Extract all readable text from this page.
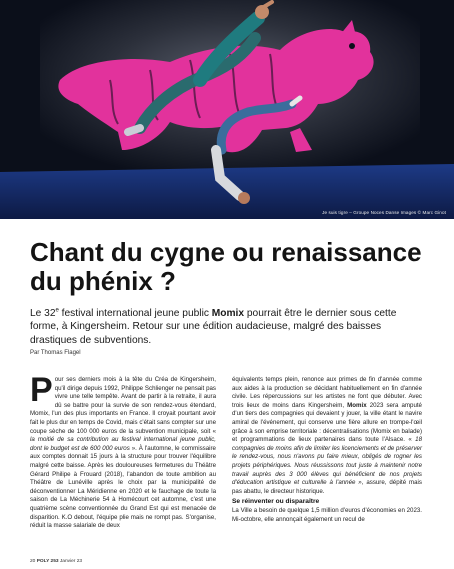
Je suis tigre – Groupe Noces Danse Images © Marc Ginot
Chant du cygne ou renaissance du phénix ?

Le 32e festival international jeune public Momix pourrait être le dernier sous cette forme, à Kingersheim. Retour sur une édition audacieuse, malgré des baisses drastiques de subventions.

Par Thomas Flagel

Pour ses derniers mois à la tête du Créa de Kingersheim, qu'il dirige depuis 1992, Philippe Schlienger ne pensait pas vivre une telle tempête. Avant de partir à la retraite, il aura dû se battre pour la survie de son rendez-vous étendard, Momix, l'un des plus importants en France. Il croyait pourtant avoir fait le plus dur en temps de Covid, mais c'était sans compter sur une coupe sèche de 100 000 euros de la subvention municipale, soit « la moitié de sa contribution au festival international jeune public, dont le budget est de 600 000 euros ». À l'automne, le commissaire aux comptes donnait 15 jours à la structure pour trouver l'équilibre malgré cette baisse. Après les douloureuses fermetures du Théâtre Gérard Philipe à Frouard (2018), l'abandon de toute ambition au Théâtre de Lunéville après le choix par la municipalité de déconventionner La Méridienne en 2020 et le fauchage de toute la saison de La Méchinerie 54 à Homécourt cet automne, c'est une quatrième scène conventionnée du Grand Est qui est menacée de disparition. K.O debout, l'équipe plie mais ne rompt pas. S'organise, réduit la masse salariale de deux

équivalents temps plein, renonce aux primes de fin d'année comme aux aides à la production se décidant habituellement en fin d'année civile. Les répercussions sur les artistes ne font que débuter. Avec trois lieux de moins dans Kingersheim, Momix 2023 sera amputé d'un tiers des compagnies qui devaient y jouer, la ville étant le navire amiral de l'événement, qui conserve une fière allure en trompe-l'œil grâce à son emprise territoriale : décentralisations (Momix en balade) et programmations de lieux partenaires dans toute l'Alsace. « 18 compagnies de moins afin de limiter les licenciements et de préserver le rendez-vous, nous n'avons pu faire mieux, obligés de rogner les projets périphériques. Nous réussissons tout juste à maintenir notre travail auprès des 3 000 élèves qui bénéficient de nos projets d'éducation artistique et culturelle à l'année », assure, dépité mais pas abattu, le directeur historique.

Se réinventer ou disparaître

La Ville a besoin de quelque 1,5 million d'euros d'économies en 2023. Mi-octobre, elle annonçait également un recul de

20 POLY 253 Janvier 23
